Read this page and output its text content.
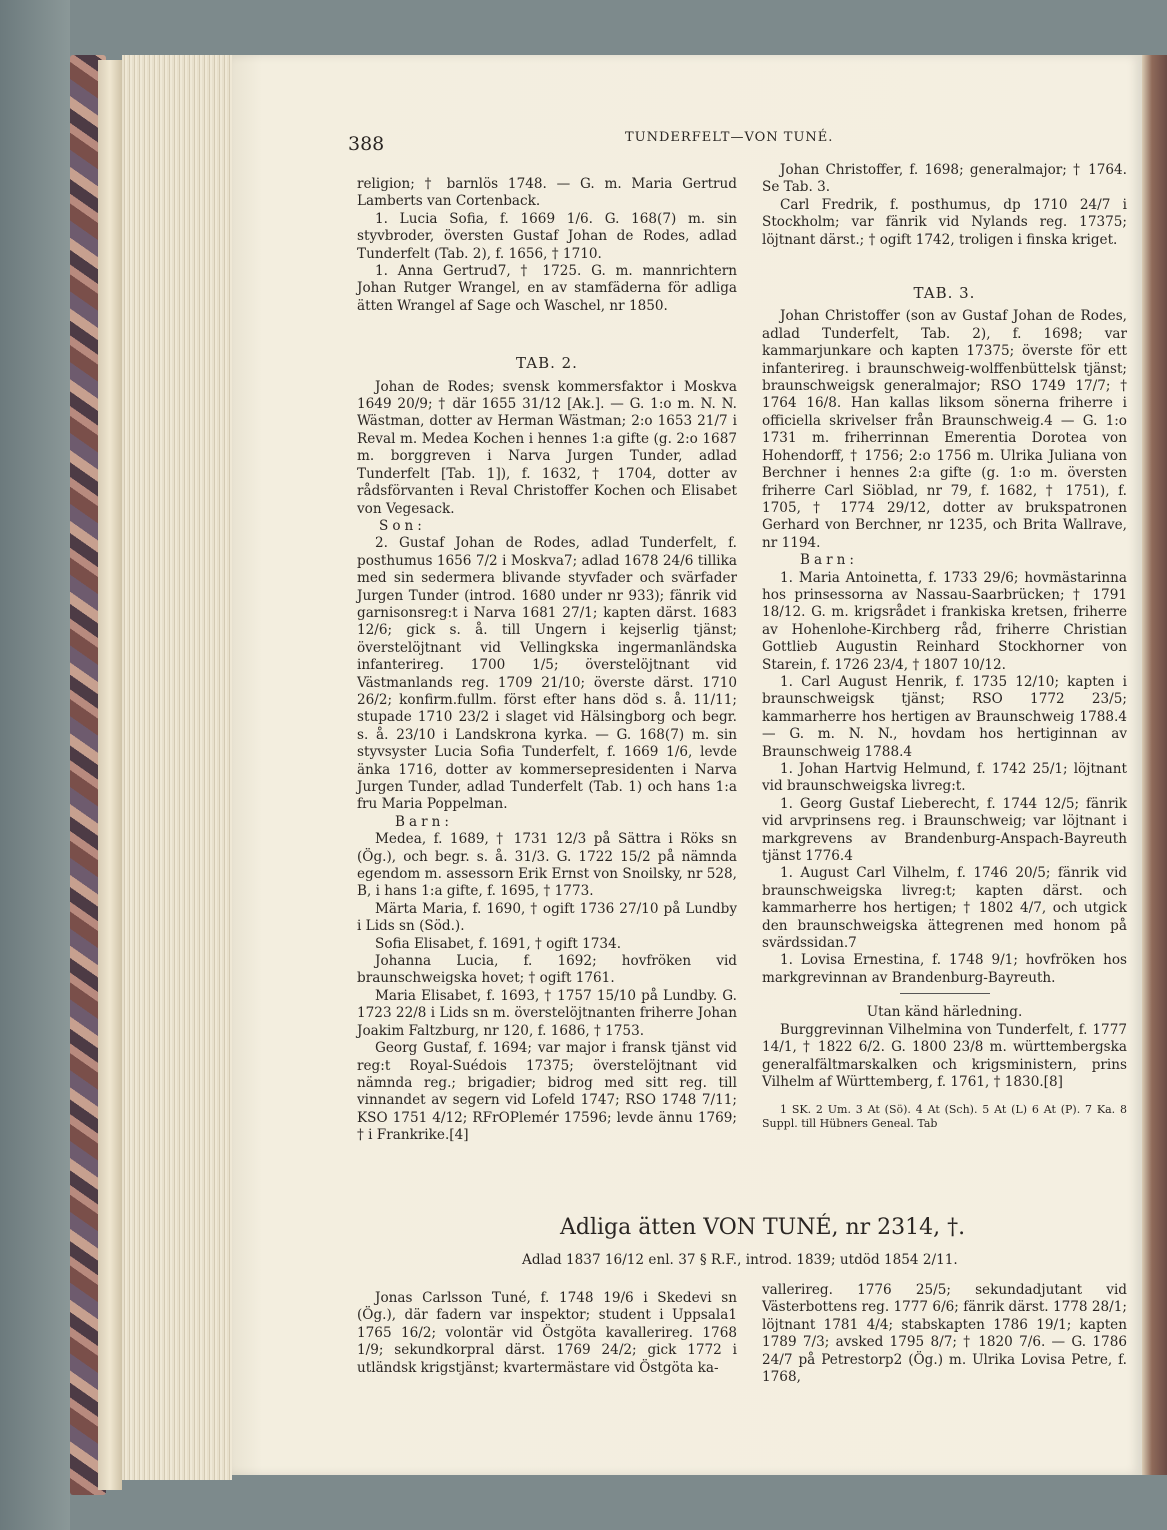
388	TUNDERFELT—VON TUNÉ.

religion; † barnlös 1748. — G. m. Maria Gertrud Lamberts van Cortenback.

1. Lucia Sofia, f. 1669 1/6. G. 168(7) m. sin styvbroder, översten Gustaf Johan de Rodes, adlad Tunderfelt (Tab. 2), f. 1656, † 1710.

1. Anna Gertrud7, † 1725. G. m. mannrichtern Johan Rutger Wrangel, en av stamfäderna för adliga ätten Wrangel af Sage och Waschel, nr 1850.

TAB. 2.

Johan de Rodes; svensk kommersfaktor i Moskva 1649 20/9; † där 1655 31/12 [Ak.]. — G. 1:o m. N. N. Wästman, dotter av Herman Wästman; 2:o 1653 21/7 i Reval m. Medea Kochen i hennes 1:a gifte (g. 2:o 1687 m. borggreven i Narva Jurgen Tunder, adlad Tunderfelt [Tab. 1]), f. 1632, † 1704, dotter av rådsförvanten i Reval Christoffer Kochen och Elisabet von Vegesack.

Son:

2. Gustaf Johan de Rodes, adlad Tunderfelt, f. posthumus 1656 7/2 i Moskva7; adlad 1678 24/6 tillika med sin sedermera blivande styvfader och svärfader Jurgen Tunder (introd. 1680 under nr 933); fänrik vid garnisonsreg:t i Narva 1681 27/1; kapten därst. 1683 12/6; gick s. å. till Ungern i kejserlig tjänst; överstelöjtnant vid Vellingkska ingermanländska infanterireg. 1700 1/5; överstelöjtnant vid Västmanlands reg. 1709 21/10; överste därst. 1710 26/2; konfirm.fullm. först efter hans död s. å. 11/11; stupade 1710 23/2 i slaget vid Hälsingborg och begr. s. å. 23/10 i Landskrona kyrka. — G. 168(7) m. sin styvsyster Lucia Sofia Tunderfelt, f. 1669 1/6, levde änka 1716, dotter av kommersepresidenten i Narva Jurgen Tunder, adlad Tunderfelt (Tab. 1) och hans 1:a fru Maria Poppelman.

Barn:

Medea, f. 1689, † 1731 12/3 på Sättra i Röks sn (Ög.), och begr. s. å. 31/3. G. 1722 15/2 på nämnda egendom m. assessorn Erik Ernst von Snoilsky, nr 528, B, i hans 1:a gifte, f. 1695, † 1773.

Märta Maria, f. 1690, † ogift 1736 27/10 på Lundby i Lids sn (Söd.).

Sofia Elisabet, f. 1691, † ogift 1734.

Johanna Lucia, f. 1692; hovfröken vid braunschweigska hovet; † ogift 1761.

Maria Elisabet, f. 1693, † 1757 15/10 på Lundby. G. 1723 22/8 i Lids sn m. överstelöjtnanten friherre Johan Joakim Faltzburg, nr 120, f. 1686, † 1753.

Georg Gustaf, f. 1694; var major i fransk tjänst vid reg:t Royal-Suédois 17375; överstelöjtnant vid nämnda reg.; brigadier; bidrog med sitt reg. till vinnandet av segern vid Lofeld 1747; RSO 1748 7/11; KSO 1751 4/12; RFrOPlemér 17596; levde ännu 1769; † i Frankrike.[4]

Johan Christoffer, f. 1698; generalmajor; † 1764. Se Tab. 3.

Carl Fredrik, f. posthumus, dp 1710 24/7 i Stockholm; var fänrik vid Nylands reg. 17375; löjtnant därst.; † ogift 1742, troligen i finska kriget.

TAB. 3.

Johan Christoffer (son av Gustaf Johan de Rodes, adlad Tunderfelt, Tab. 2), f. 1698; var kammarjunkare och kapten 17375; överste för ett infanterireg. i braunschweig-wolffenbüttelsk tjänst; braunschweigsk generalmajor; RSO 1749 17/7; † 1764 16/8. Han kallas liksom sönerna friherre i officiella skrivelser från Braunschweig.4 — G. 1:o 1731 m. friherrinnan Emerentia Dorotea von Hohendorff, † 1756; 2:o 1756 m. Ulrika Juliana von Berchner i hennes 2:a gifte (g. 1:o m. översten friherre Carl Siöblad, nr 79, f. 1682, † 1751), f. 1705, † 1774 29/12, dotter av brukspatronen Gerhard von Berchner, nr 1235, och Brita Wallrave, nr 1194.

Barn:

1. Maria Antoinetta, f. 1733 29/6; hovmästarinna hos prinsessorna av Nassau-Saarbrücken; † 1791 18/12. G. m. krigsrådet i frankiska kretsen, friherre av Hohenlohe-Kirchberg råd, friherre Christian Gottlieb Augustin Reinhard Stockhorner von Starein, f. 1726 23/4, † 1807 10/12.

1. Carl August Henrik, f. 1735 12/10; kapten i braunschweigsk tjänst; RSO 1772 23/5; kammarherre hos hertigen av Braunschweig 1788.4 — G. m. N. N., hovdam hos hertiginnan av Braunschweig 1788.4

1. Johan Hartvig Helmund, f. 1742 25/1; löjtnant vid braunschweigska livreg:t.

1. Georg Gustaf Lieberecht, f. 1744 12/5; fänrik vid arvprinsens reg. i Braunschweig; var löjtnant i markgrevens av Brandenburg-Anspach-Bayreuth tjänst 1776.4

1. August Carl Vilhelm, f. 1746 20/5; fänrik vid braunschweigska livreg:t; kapten därst. och kammarherre hos hertigen; † 1802 4/7, och utgick den braunschweigska ättegrenen med honom på svärdssidan.7

1. Lovisa Ernestina, f. 1748 9/1; hovfröken hos markgrevinnan av Brandenburg-Bayreuth.

Utan känd härledning.

Burggrevinnan Vilhelmina von Tunderfelt, f. 1777 14/1, † 1822 6/2. G. 1800 23/8 m. württembergska generalfältmarskalken och krigsministern, prins Vilhelm af Württemberg, f. 1761, † 1830.[8]

1 SK. 2 Um. 3 At (Sö). 4 At (Sch). 5 At (L) 6 At (P). 7 Ka. 8 Suppl. till Hübners Geneal. Tab

Adliga ätten VON TUNÉ, nr 2314, †.
Adlad 1837 16/12 enl. 37 § R.F., introd. 1839; utdöd 1854 2/11.

Jonas Carlsson Tuné, f. 1748 19/6 i Skedevi sn (Ög.), där fadern var inspektor; student i Uppsala1 1765 16/2; volontär vid Östgöta kavallerireg. 1768 1/9; sekundkorpral därst. 1769 24/2; gick 1772 i utländsk krigstjänst; kvartermästare vid Östgöta ka-

vallerireg. 1776 25/5; sekundadjutant vid Västerbottens reg. 1777 6/6; fänrik därst. 1778 28/1; löjtnant 1781 4/4; stabskapten 1786 19/1; kapten 1789 7/3; avsked 1795 8/7; † 1820 7/6. — G. 1786 24/7 på Petrestorp2 (Ög.) m. Ulrika Lovisa Petre, f. 1768,
